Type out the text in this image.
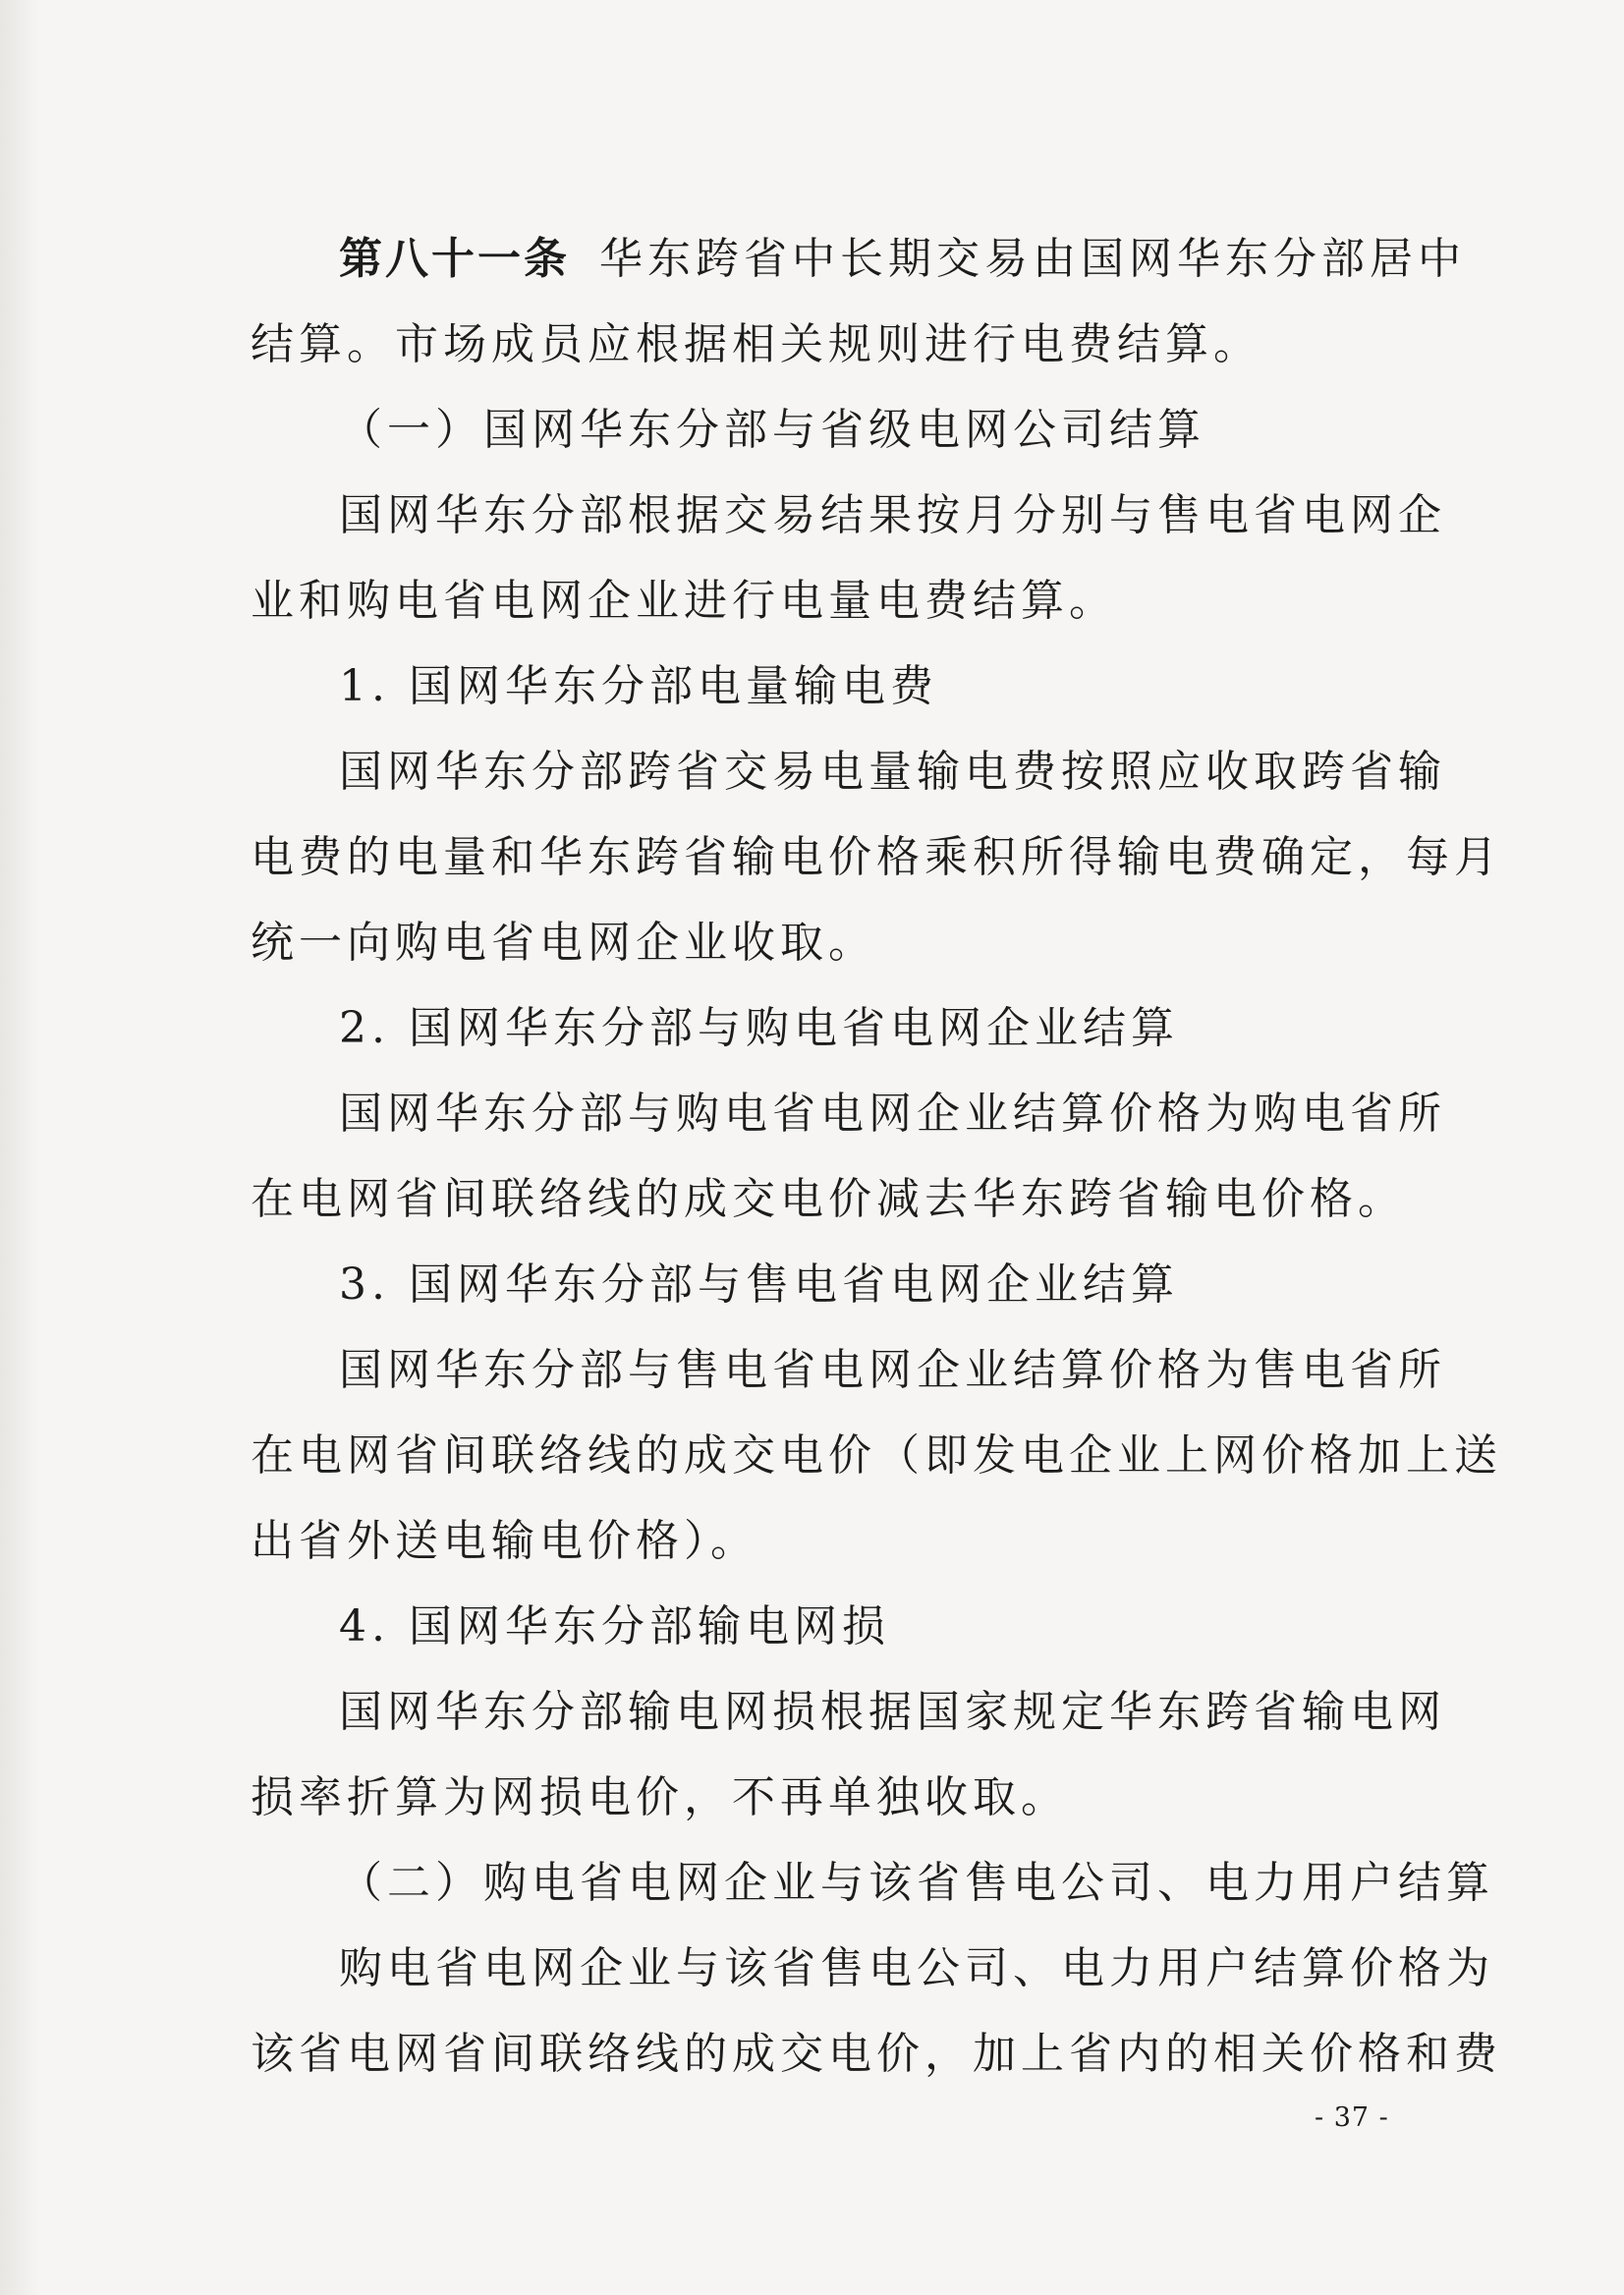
第八十一条 华东跨省中长期交易由国网华东分部居中

结算。市场成员应根据相关规则进行电费结算。

（一）国网华东分部与省级电网公司结算

国网华东分部根据交易结果按月分别与售电省电网企

业和购电省电网企业进行电量电费结算。

1. 国网华东分部电量输电费

国网华东分部跨省交易电量输电费按照应收取跨省输

电费的电量和华东跨省输电价格乘积所得输电费确定，每月

统一向购电省电网企业收取。

2. 国网华东分部与购电省电网企业结算

国网华东分部与购电省电网企业结算价格为购电省所

在电网省间联络线的成交电价减去华东跨省输电价格。

3. 国网华东分部与售电省电网企业结算

国网华东分部与售电省电网企业结算价格为售电省所

在电网省间联络线的成交电价（即发电企业上网价格加上送

出省外送电输电价格）。

4. 国网华东分部输电网损

国网华东分部输电网损根据国家规定华东跨省输电网

损率折算为网损电价，不再单独收取。

（二）购电省电网企业与该省售电公司、电力用户结算

购电省电网企业与该省售电公司、电力用户结算价格为

该省电网省间联络线的成交电价，加上省内的相关价格和费

- 37 -
